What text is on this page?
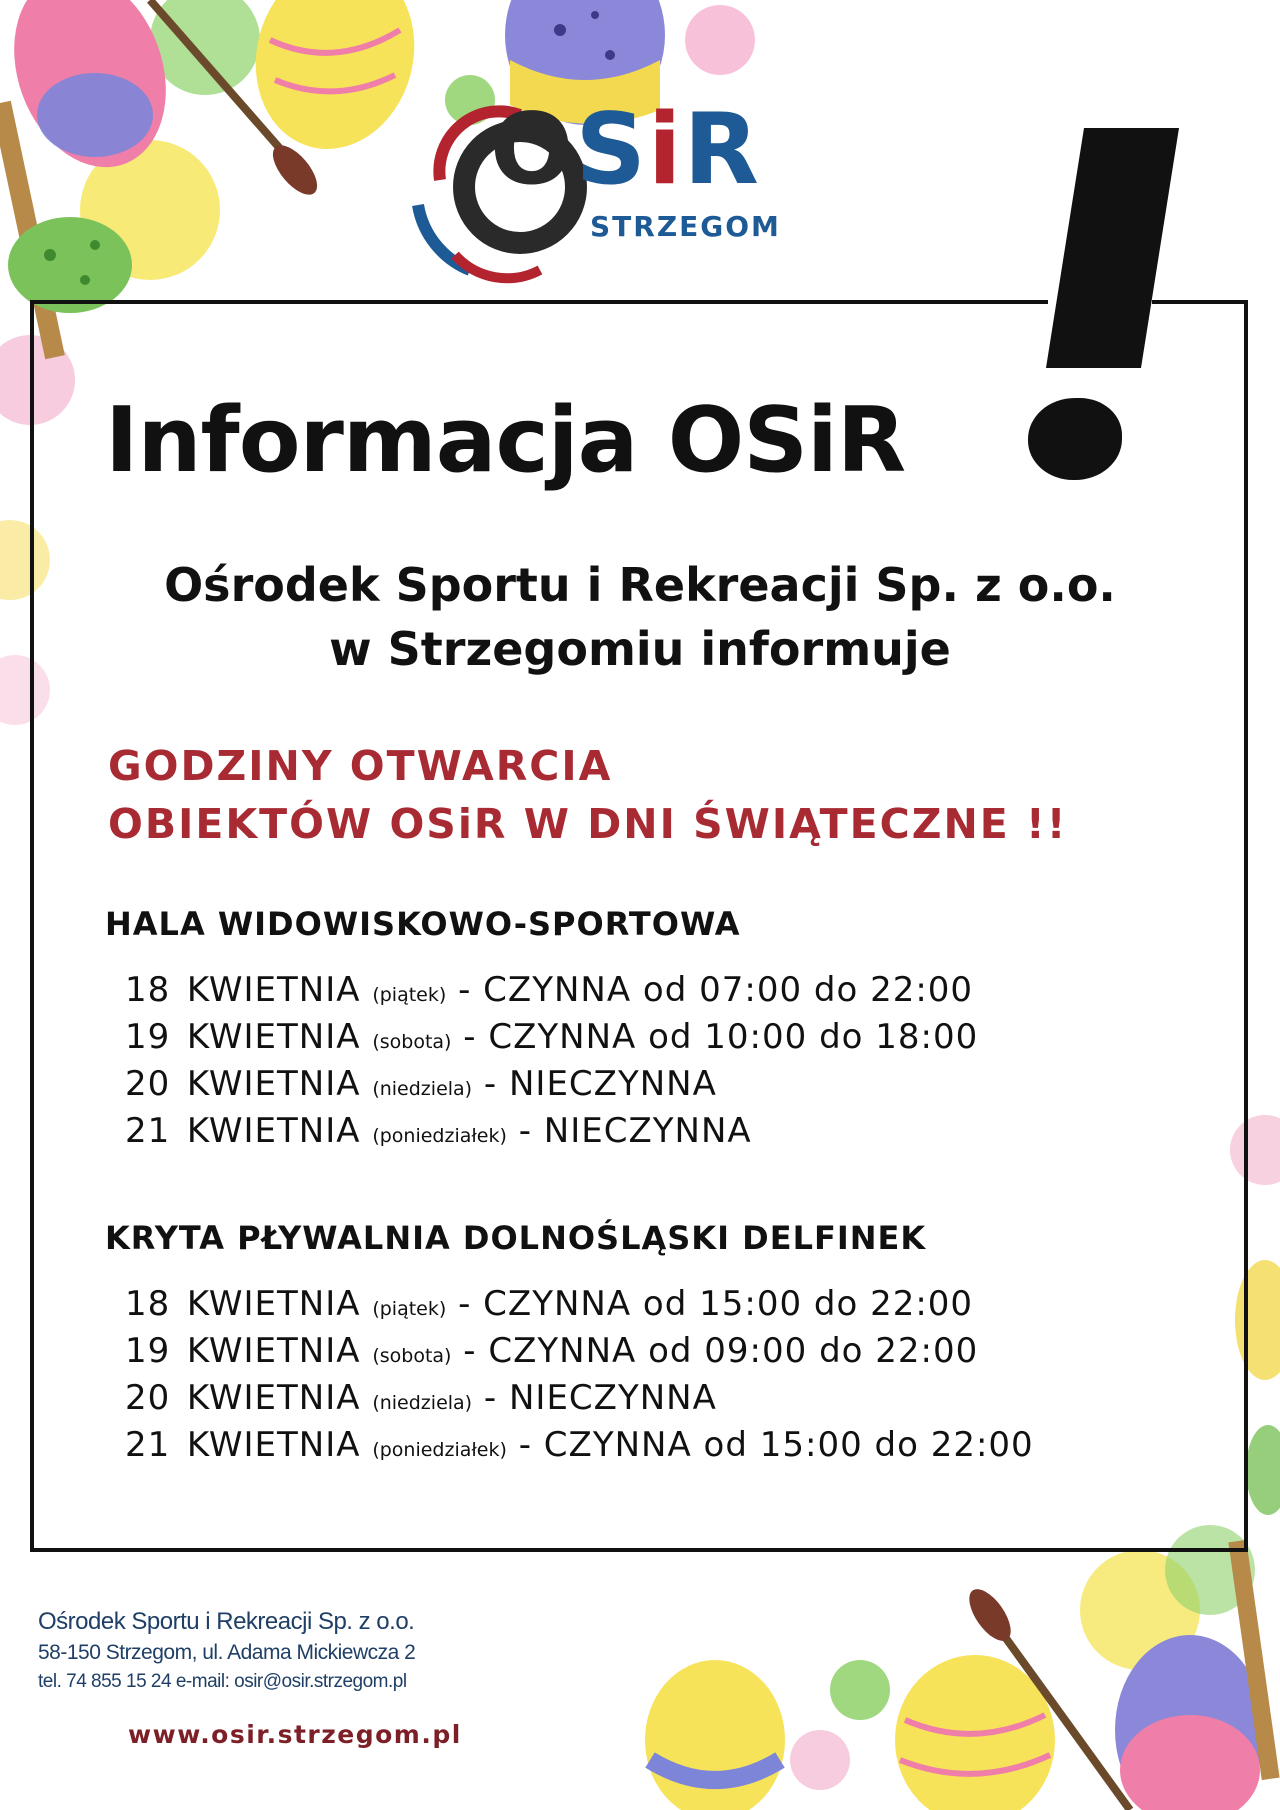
OSiR

STRZEGOM

Informacja OSiR

Ośrodek Sportu i Rekreacji Sp. z o.o.

w Strzegomiu informuje

GODZINY OTWARCIA

OBIEKTÓW OSiR W DNI ŚWIĄTECZNE !!

HALA WIDOWISKOWO-SPORTOWA
18 KWIETNIA (piątek) - CZYNNA od 07:00 do 22:00
19 KWIETNIA (sobota) - CZYNNA od 10:00 do 18:00
20 KWIETNIA (niedziela) - NIECZYNNA
21 KWIETNIA (poniedziałek) - NIECZYNNA
KRYTA PŁYWALNIA DOLNOŚLĄSKI DELFINEK
18 KWIETNIA (piątek) - CZYNNA od 15:00 do 22:00
19 KWIETNIA (sobota) - CZYNNA od 09:00 do 22:00
20 KWIETNIA (niedziela) - NIECZYNNA
21 KWIETNIA (poniedziałek) - CZYNNA od 15:00 do 22:00
Ośrodek Sportu i Rekreacji Sp. z o.o.
58-150 Strzegom, ul. Adama Mickiewcza 2
tel. 74 855 15 24 e-mail: osir@osir.strzegom.pl

www.osir.strzegom.pl
